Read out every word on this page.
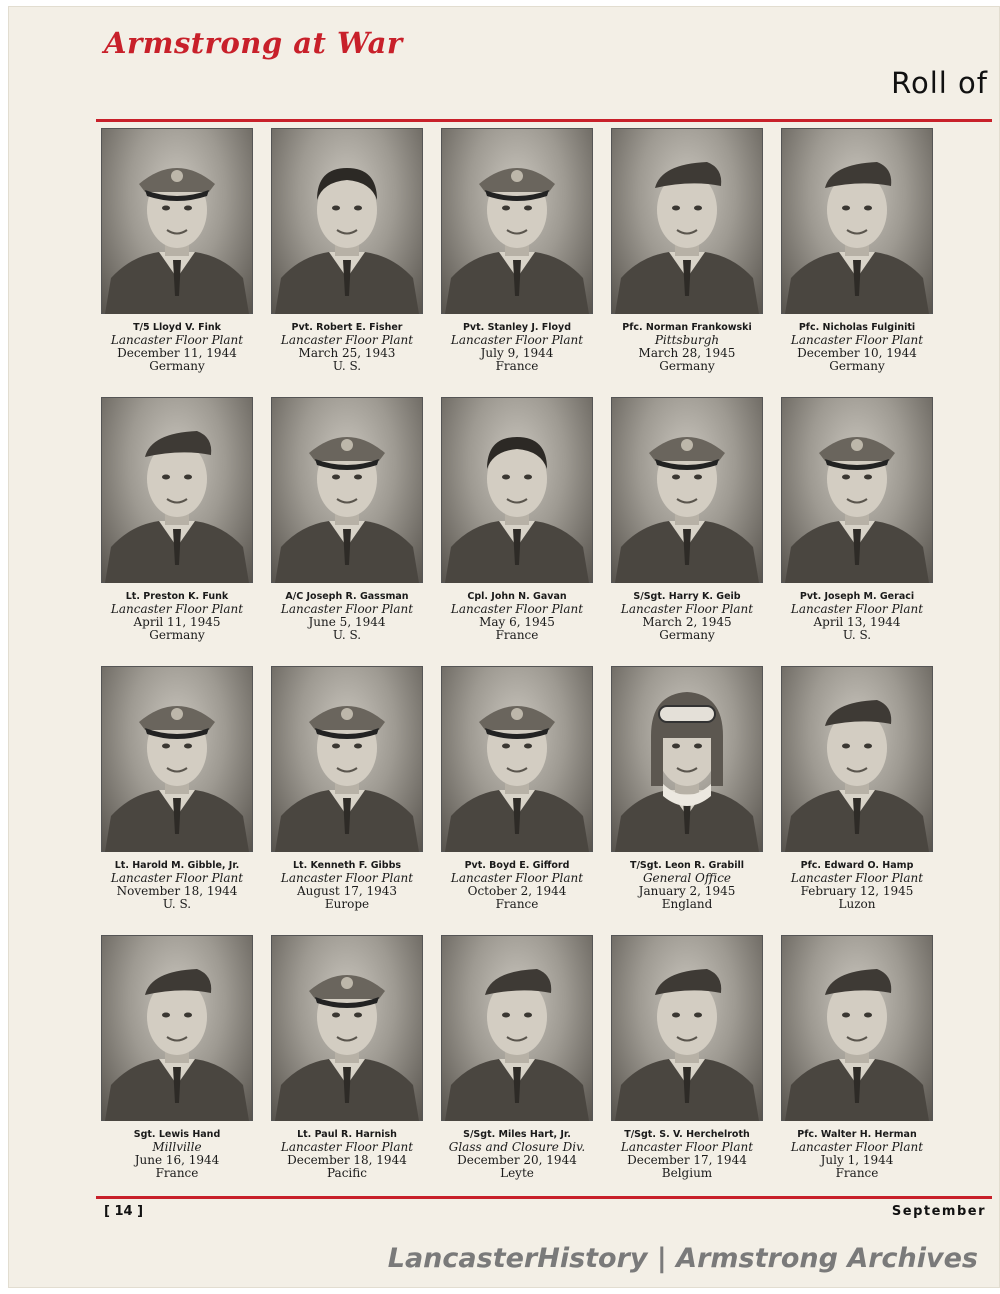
Armstrong at War
Roll of
T/5 Lloyd V. Fink
Lancaster Floor Plant
December 11, 1944
Germany
Pvt. Robert E. Fisher
Lancaster Floor Plant
March 25, 1943
U. S.
Pvt. Stanley J. Floyd
Lancaster Floor Plant
July 9, 1944
France
Pfc. Norman Frankowski
Pittsburgh
March 28, 1945
Germany
Pfc. Nicholas Fulginiti
Lancaster Floor Plant
December 10, 1944
Germany
Lt. Preston K. Funk
Lancaster Floor Plant
April 11, 1945
Germany
A/C Joseph R. Gassman
Lancaster Floor Plant
June 5, 1944
U. S.
Cpl. John N. Gavan
Lancaster Floor Plant
May 6, 1945
France
S/Sgt. Harry K. Geib
Lancaster Floor Plant
March 2, 1945
Germany
Pvt. Joseph M. Geraci
Lancaster Floor Plant
April 13, 1944
U. S.
Lt. Harold M. Gibble, Jr.
Lancaster Floor Plant
November 18, 1944
U. S.
Lt. Kenneth F. Gibbs
Lancaster Floor Plant
August 17, 1943
Europe
Pvt. Boyd E. Gifford
Lancaster Floor Plant
October 2, 1944
France
T/Sgt. Leon R. Grabill
General Office
January 2, 1945
England
Pfc. Edward O. Hamp
Lancaster Floor Plant
February 12, 1945
Luzon
Sgt. Lewis Hand
Millville
June 16, 1944
France
Lt. Paul R. Harnish
Lancaster Floor Plant
December 18, 1944
Pacific
S/Sgt. Miles Hart, Jr.
Glass and Closure Div.
December 20, 1944
Leyte
T/Sgt. S. V. Herchelroth
Lancaster Floor Plant
December 17, 1944
Belgium
Pfc. Walter H. Herman
Lancaster Floor Plant
July 1, 1944
France
[ 14 ]	September
LancasterHistory | Armstrong Archives
